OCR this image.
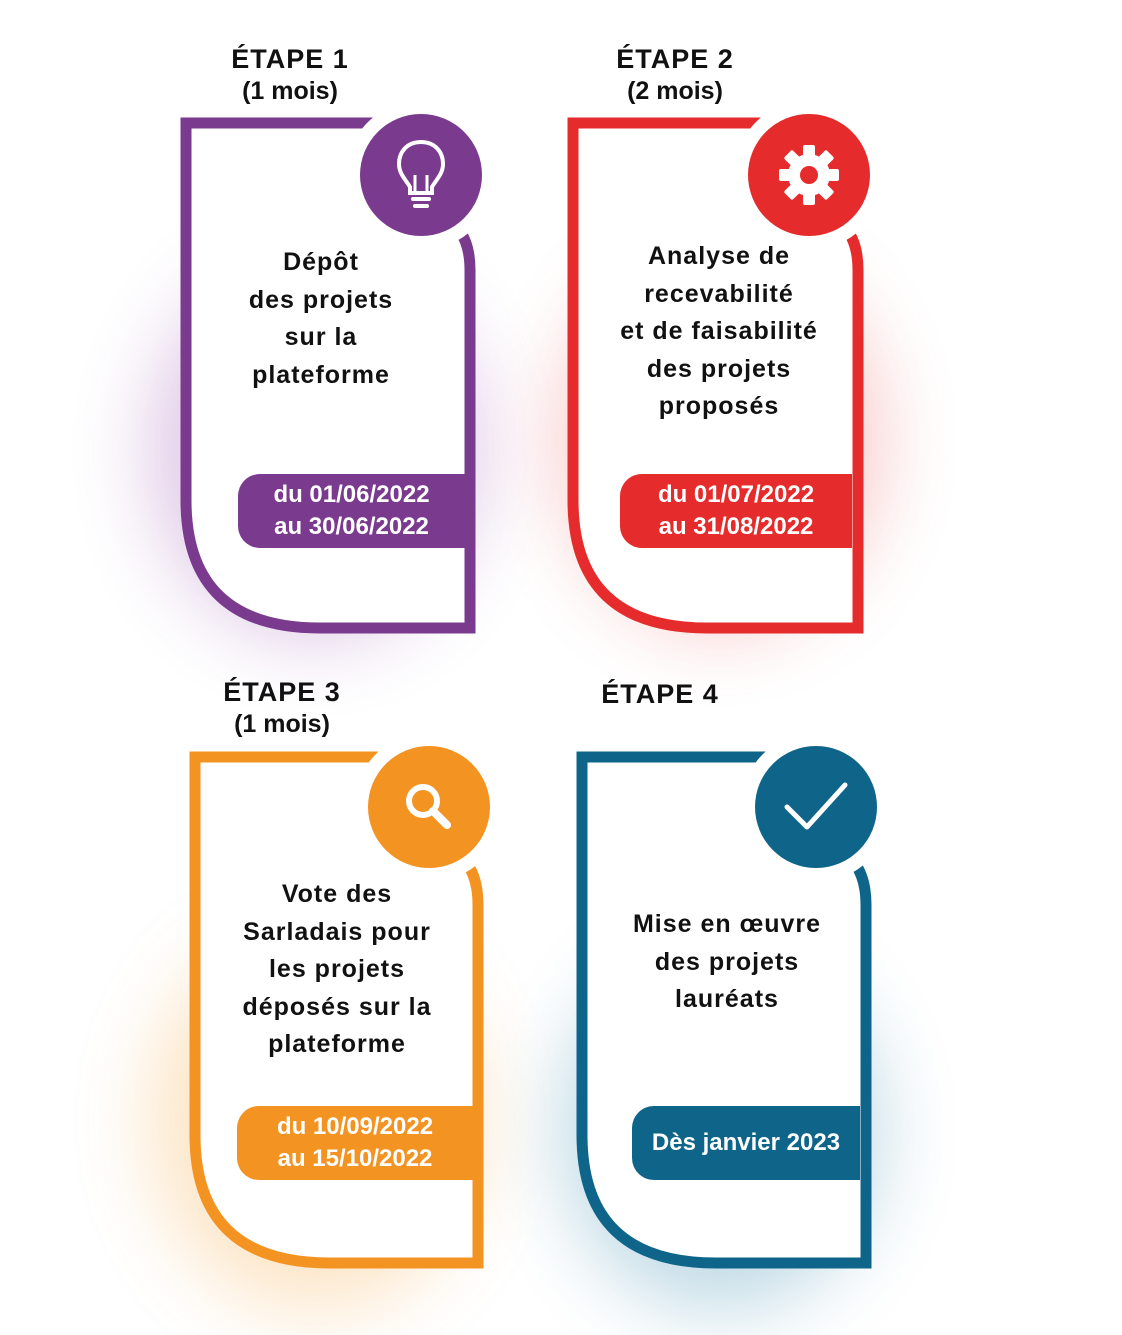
ÉTAPE 1
(1 mois)
Dépôt
des projets
sur la
plateforme
du 01/06/2022
au 30/06/2022
ÉTAPE 2
(2 mois)
Analyse de
recevabilité
et de faisabilité
des projets
proposés
du 01/07/2022
au 31/08/2022
ÉTAPE 3
(1 mois)
Vote des
Sarladais pour
les projets
déposés sur la
plateforme
du 10/09/2022
au 15/10/2022
ÉTAPE 4
Mise en œuvre
des projets
lauréats
Dès janvier 2023
